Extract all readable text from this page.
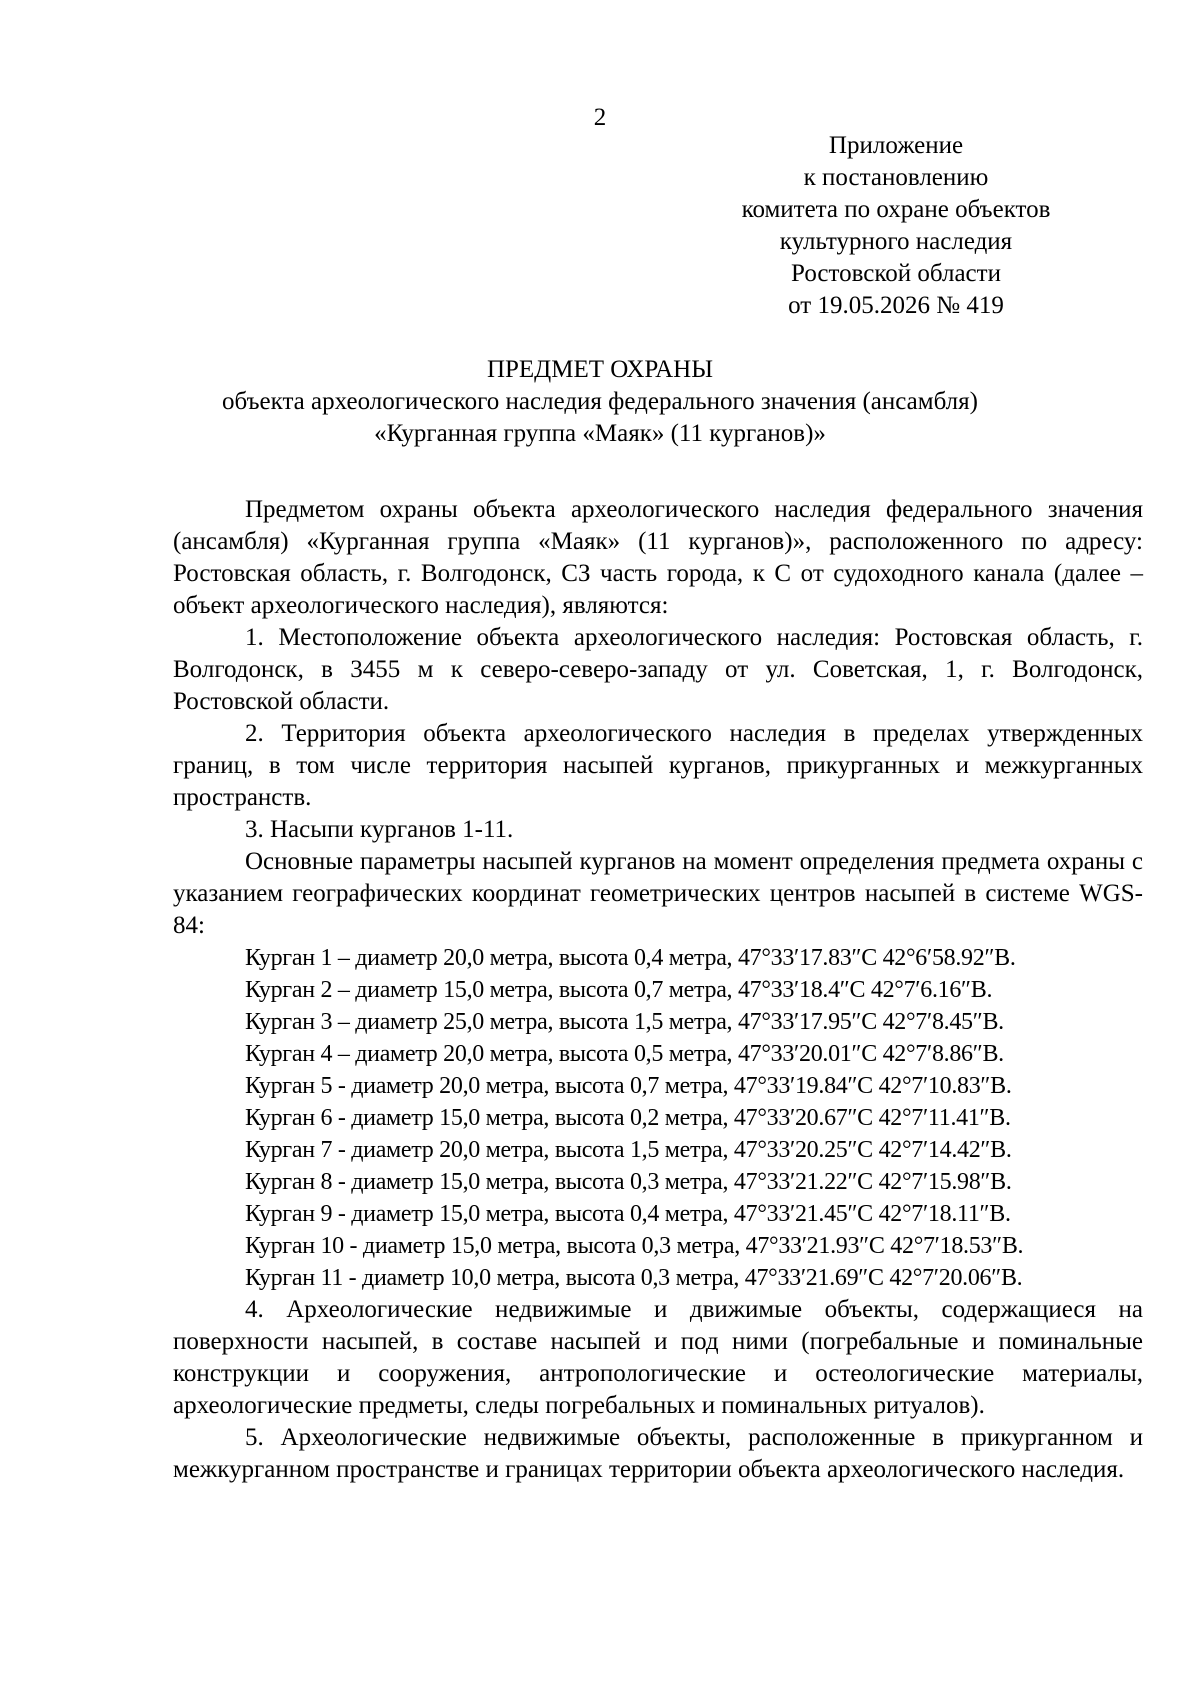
2
Приложение
к постановлению
комитета по охране объектов
культурного наследия
Ростовской области
от 19.05.2026 № 419
ПРЕДМЕТ ОХРАНЫ
объекта археологического наследия федерального значения (ансамбля)
«Курганная группа «Маяк» (11 курганов)»

Предметом охраны объекта археологического наследия федерального значения (ансамбля) «Курганная группа «Маяк» (11 курганов)», расположенного по адресу: Ростовская область, г. Волгодонск, СЗ часть города, к С от судоходного канала (далее – объект археологического наследия), являются:

1. Местоположение объекта археологического наследия: Ростовская область, г. Волгодонск, в 3455 м к северо-северо-западу от ул. Советская, 1, г. Волгодонск, Ростовской области.

2. Территория объекта археологического наследия в пределах утвержденных границ, в том числе территория насыпей курганов, прикурганных и межкурганных пространств.

3. Насыпи курганов 1-11.

Основные параметры насыпей курганов на момент определения предмета охраны с указанием географических координат геометрических центров насыпей в системе WGS-84:

Курган 1 – диаметр 20,0 метра, высота 0,4 метра, 47°33′17.83″С 42°6′58.92″В.
Курган 2 – диаметр 15,0 метра, высота 0,7 метра, 47°33′18.4″С 42°7′6.16″В.
Курган 3 – диаметр 25,0 метра, высота 1,5 метра, 47°33′17.95″С 42°7′8.45″В.
Курган 4 – диаметр 20,0 метра, высота 0,5 метра, 47°33′20.01″С 42°7′8.86″В.
Курган 5 - диаметр 20,0 метра, высота 0,7 метра, 47°33′19.84″С 42°7′10.83″В.
Курган 6 - диаметр 15,0 метра, высота 0,2 метра, 47°33′20.67″С 42°7′11.41″В.
Курган 7 - диаметр 20,0 метра, высота 1,5 метра, 47°33′20.25″С 42°7′14.42″В.
Курган 8 - диаметр 15,0 метра, высота 0,3 метра, 47°33′21.22″С 42°7′15.98″В.
Курган 9 - диаметр 15,0 метра, высота 0,4 метра, 47°33′21.45″С 42°7′18.11″В.
Курган 10 - диаметр 15,0 метра, высота 0,3 метра, 47°33′21.93″С 42°7′18.53″В.
Курган 11 - диаметр 10,0 метра, высота 0,3 метра, 47°33′21.69″С 42°7′20.06″В.

4. Археологические недвижимые и движимые объекты, содержащиеся на поверхности насыпей, в составе насыпей и под ними (погребальные и поминальные конструкции и сооружения, антропологические и остеологические материалы, археологические предметы, следы погребальных и поминальных ритуалов).

5. Археологические недвижимые объекты, расположенные в прикурганном и межкурганном пространстве и границах территории объекта археологического наследия.
